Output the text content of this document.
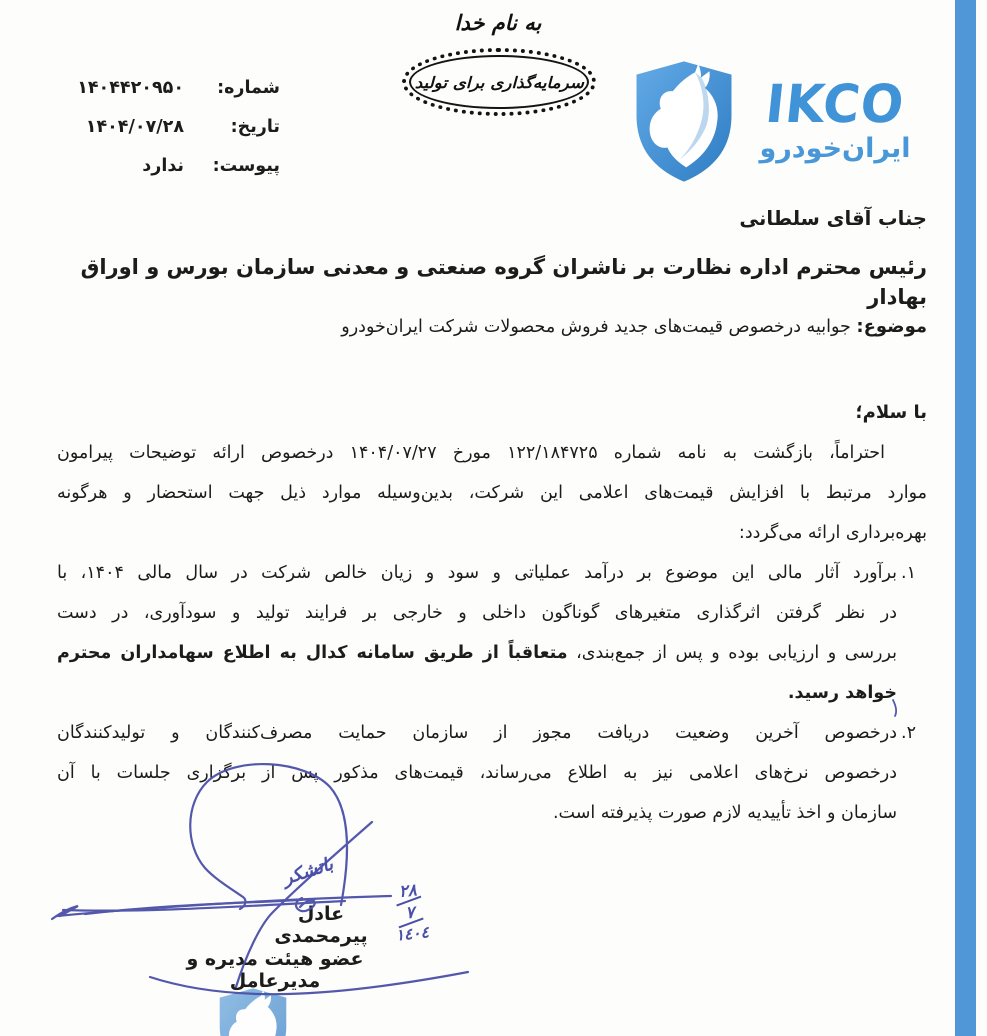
به نام خدا
سرمایه‌گذاری برای تولید
شماره:
۱۴۰۴۴۲۰۹۵۰
تاریخ:
۱۴۰۴/۰۷/۲۸
پیوست:
ندارد
IKCO
ایران‌خودرو
جناب آقای سلطانی
رئیس محترم اداره نظارت بر ناشران گروه صنعتی و معدنی سازمان بورس و اوراق بهادار
موضوع: جوابیه درخصوص قیمت‌های جدید فروش محصولات شرکت ایران‌خودرو
با سلام؛
احتراماً، بازگشت به نامه شماره ۱۲۲/۱۸۴۷۲۵ مورخ ۱۴۰۴/۰۷/۲۷ درخصوص ارائه توضیحات پیرامون
موارد مرتبط با افزایش قیمت‌های اعلامی این شرکت، بدین‌وسیله موارد ذیل جهت استحضار و هرگونه
بهره‌برداری ارائه می‌گردد:
۱.
برآورد آثار مالی این موضوع بر درآمد عملیاتی و سود و زیان خالص شرکت در سال مالی ۱۴۰۴، با
در نظر گرفتن اثرگذاری متغیرهای گوناگون داخلی و خارجی بر فرایند تولید و سودآوری، در دست
بررسی و ارزیابی بوده و پس از جمع‌بندی، متعاقباً از طریق سامانه کدال به اطلاع سهامداران محترم
خواهد رسید.
۲.
درخصوص آخرین وضعیت دریافت مجوز از سازمان حمایت مصرف‌کنندگان و تولیدکنندگان
درخصوص نرخ‌های اعلامی نیز به اطلاع می‌رساند، قیمت‌های مذکور پس از برگزاری جلسات با آن
سازمان و اخذ تأییدیه لازم صورت پذیرفته است.
باتشکر
۲۸
۷
١٤٠٤
عادل پیرمحمدی
عضو هیئت مدیره و مدیرعامل
